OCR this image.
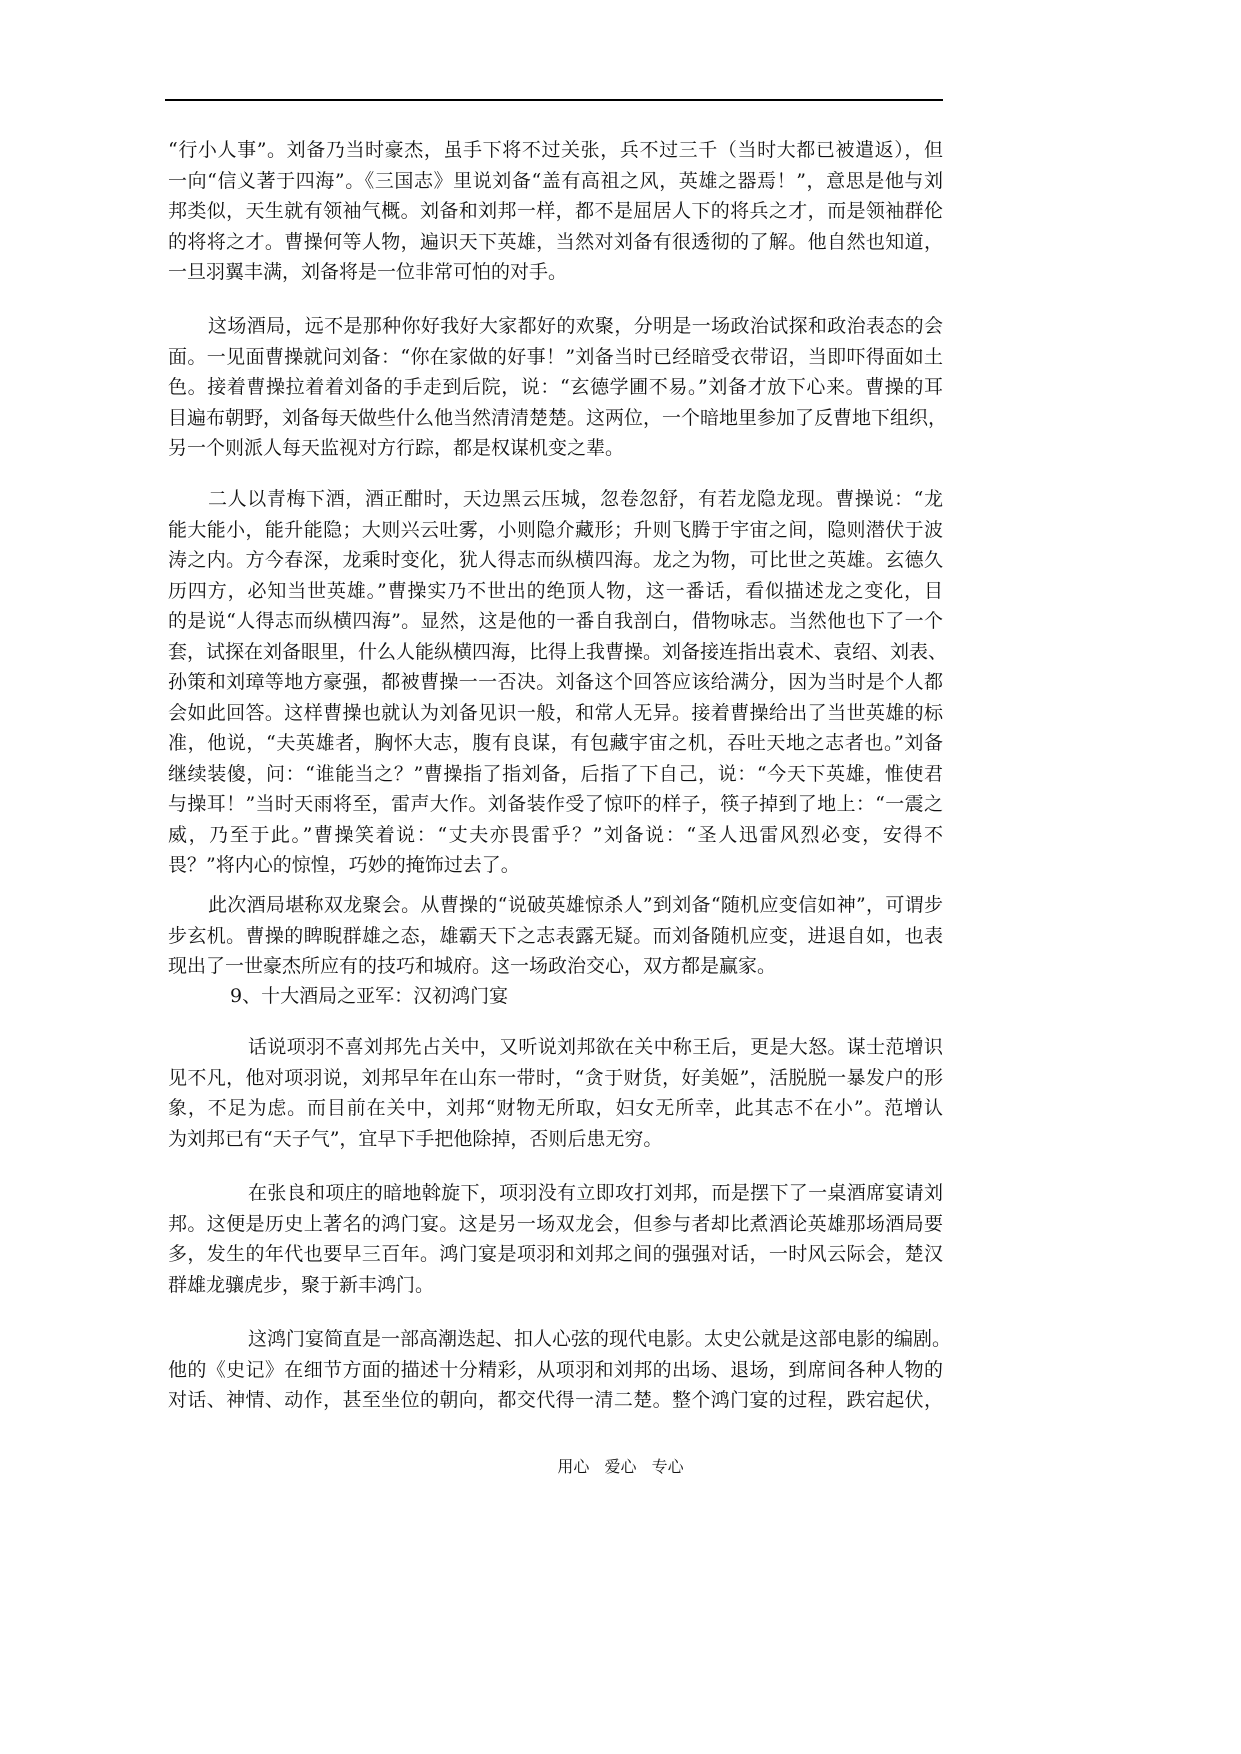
“行小人事”。刘备乃当时豪杰，虽手下将不过关张，兵不过三千（当时大都已被遣返），但
一向“信义著于四海”。《三国志》里说刘备“盖有高祖之风，英雄之器焉！”，意思是他与刘
邦类似，天生就有领袖气概。刘备和刘邦一样，都不是屈居人下的将兵之才，而是领袖群伦
的将将之才。曹操何等人物，遍识天下英雄，当然对刘备有很透彻的了解。他自然也知道，
一旦羽翼丰满，刘备将是一位非常可怕的对手。
这场酒局，远不是那种你好我好大家都好的欢聚，分明是一场政治试探和政治表态的会
面。一见面曹操就问刘备：“你在家做的好事！”刘备当时已经暗受衣带诏，当即吓得面如土
色。接着曹操拉着着刘备的手走到后院，说：“玄德学圃不易。”刘备才放下心来。曹操的耳
目遍布朝野，刘备每天做些什么他当然清清楚楚。这两位，一个暗地里参加了反曹地下组织，
另一个则派人每天监视对方行踪，都是权谋机变之辈。
二人以青梅下酒，酒正酣时，天边黑云压城，忽卷忽舒，有若龙隐龙现。曹操说：“龙
能大能小，能升能隐；大则兴云吐雾，小则隐介藏形；升则飞腾于宇宙之间，隐则潜伏于波
涛之内。方今春深，龙乘时变化，犹人得志而纵横四海。龙之为物，可比世之英雄。玄德久
历四方，必知当世英雄。”曹操实乃不世出的绝顶人物，这一番话，看似描述龙之变化，目
的是说“人得志而纵横四海”。显然，这是他的一番自我剖白，借物咏志。当然他也下了一个
套，试探在刘备眼里，什么人能纵横四海，比得上我曹操。刘备接连指出袁术、袁绍、刘表、
孙策和刘璋等地方豪强，都被曹操一一否决。刘备这个回答应该给满分，因为当时是个人都
会如此回答。这样曹操也就认为刘备见识一般，和常人无异。接着曹操给出了当世英雄的标
准，他说，“夫英雄者，胸怀大志，腹有良谋，有包藏宇宙之机，吞吐天地之志者也。”刘备
继续装傻，问：“谁能当之？”曹操指了指刘备，后指了下自己，说：“今天下英雄，惟使君
与操耳！”当时天雨将至，雷声大作。刘备装作受了惊吓的样子，筷子掉到了地上：“一震之
威，乃至于此。”曹操笑着说：“丈夫亦畏雷乎？”刘备说：“圣人迅雷风烈必变，安得不
畏？”将内心的惊惶，巧妙的掩饰过去了。
此次酒局堪称双龙聚会。从曹操的“说破英雄惊杀人”到刘备“随机应变信如神”，可谓步
步玄机。曹操的睥睨群雄之态，雄霸天下之志表露无疑。而刘备随机应变，进退自如，也表
现出了一世豪杰所应有的技巧和城府。这一场政治交心，双方都是赢家。
9、十大酒局之亚军：汉初鸿门宴
话说项羽不喜刘邦先占关中，又听说刘邦欲在关中称王后，更是大怒。谋士范增识
见不凡，他对项羽说，刘邦早年在山东一带时，“贪于财货，好美姬”，活脱脱一暴发户的形
象，不足为虑。而目前在关中，刘邦“财物无所取，妇女无所幸，此其志不在小”。范增认
为刘邦已有“天子气”，宜早下手把他除掉，否则后患无穷。
在张良和项庄的暗地斡旋下，项羽没有立即攻打刘邦，而是摆下了一桌酒席宴请刘
邦。这便是历史上著名的鸿门宴。这是另一场双龙会，但参与者却比煮酒论英雄那场酒局要
多，发生的年代也要早三百年。鸿门宴是项羽和刘邦之间的强强对话，一时风云际会，楚汉
群雄龙骧虎步，聚于新丰鸿门。
这鸿门宴简直是一部高潮迭起、扣人心弦的现代电影。太史公就是这部电影的编剧。
他的《史记》在细节方面的描述十分精彩，从项羽和刘邦的出场、退场，到席间各种人物的
对话、神情、动作，甚至坐位的朝向，都交代得一清二楚。整个鸿门宴的过程，跌宕起伏，
用心 爱心 专心
